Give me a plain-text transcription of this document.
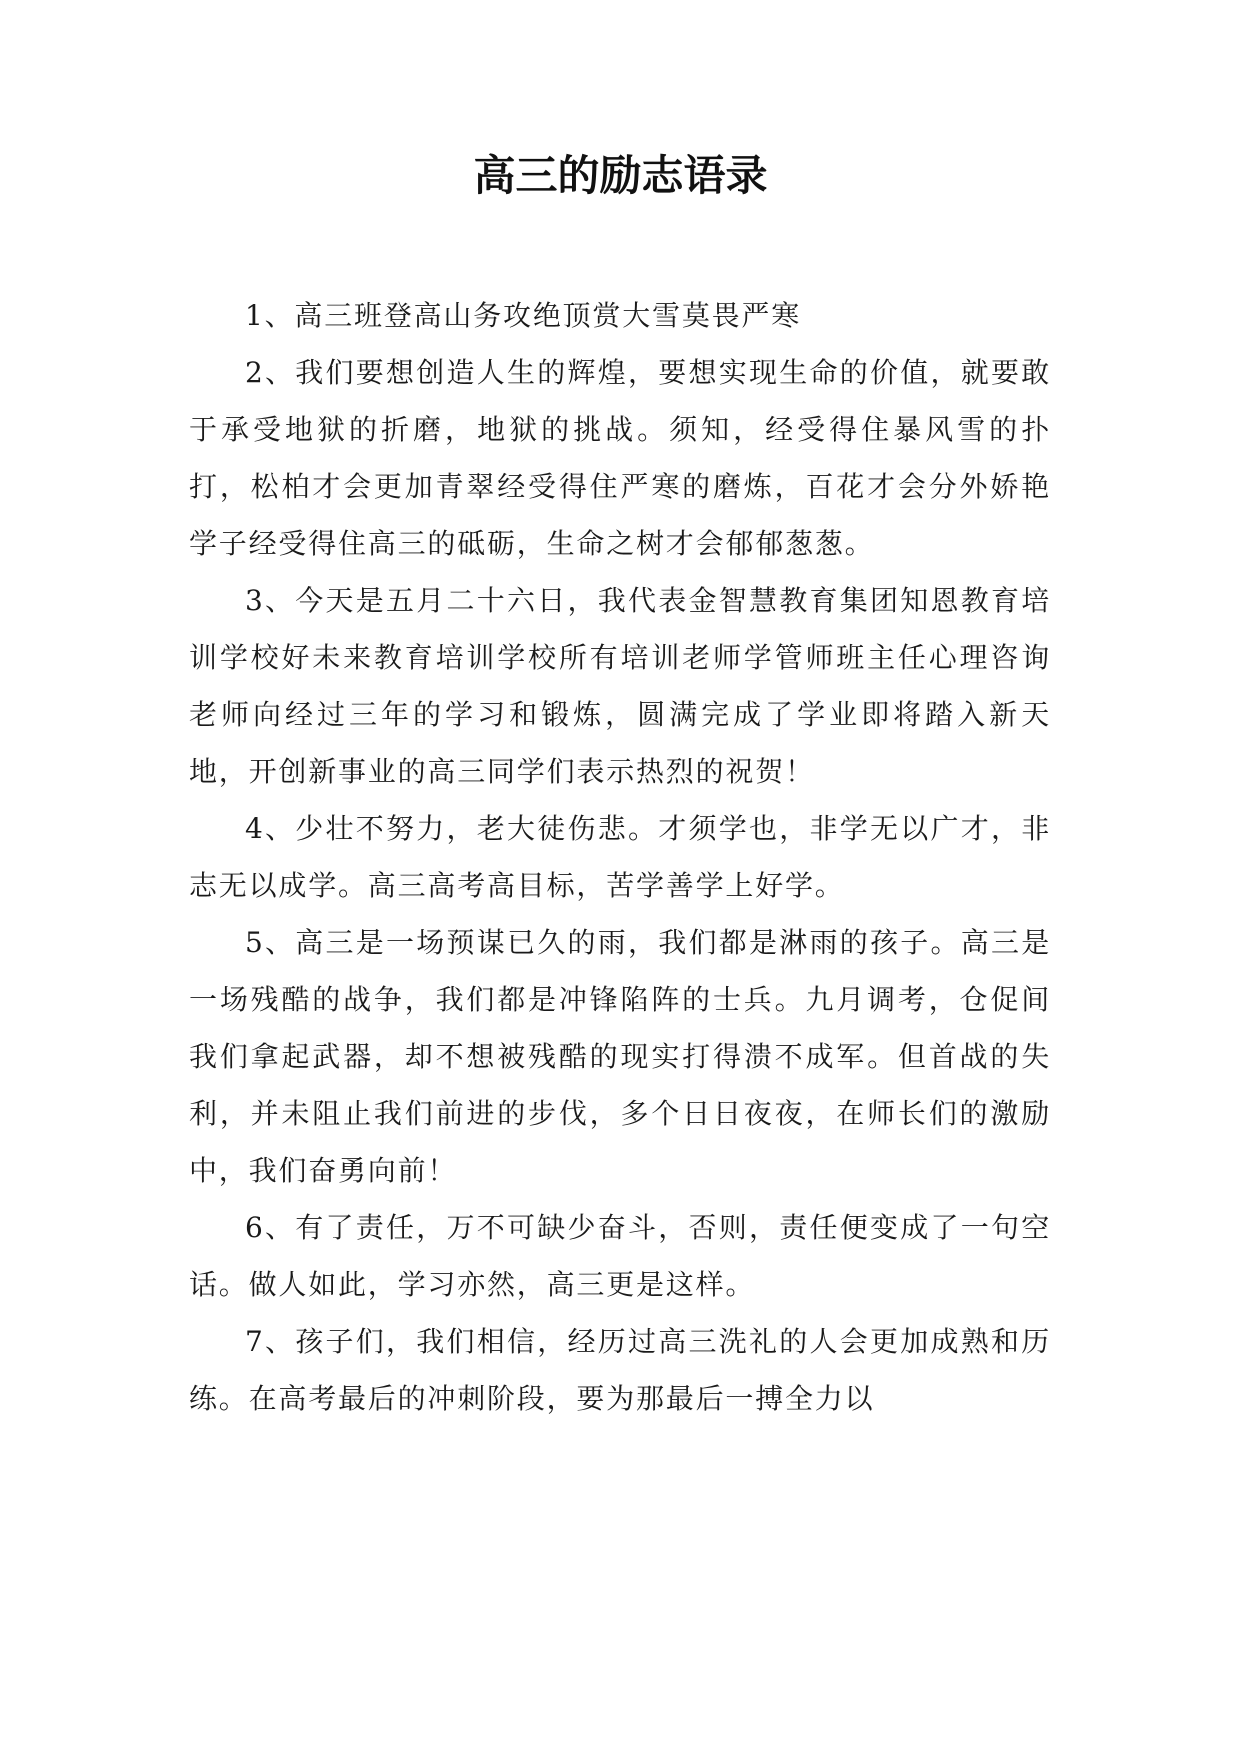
高三的励志语录

1、高三班登高山务攻绝顶赏大雪莫畏严寒

2、我们要想创造人生的辉煌，要想实现生命的价值，就要敢于承受地狱的折磨，地狱的挑战。须知，经受得住暴风雪的扑打，松柏才会更加青翠经受得住严寒的磨炼，百花才会分外娇艳学子经受得住高三的砥砺，生命之树才会郁郁葱葱。

3、今天是五月二十六日，我代表金智慧教育集团知恩教育培训学校好未来教育培训学校所有培训老师学管师班主任心理咨询老师向经过三年的学习和锻炼，圆满完成了学业即将踏入新天地，开创新事业的高三同学们表示热烈的祝贺！

4、少壮不努力，老大徒伤悲。才须学也，非学无以广才，非志无以成学。高三高考高目标，苦学善学上好学。

5、高三是一场预谋已久的雨，我们都是淋雨的孩子。高三是一场残酷的战争，我们都是冲锋陷阵的士兵。九月调考，仓促间我们拿起武器，却不想被残酷的现实打得溃不成军。但首战的失利，并未阻止我们前进的步伐，多个日日夜夜，在师长们的激励中，我们奋勇向前！

6、有了责任，万不可缺少奋斗，否则，责任便变成了一句空话。做人如此，学习亦然，高三更是这样。

7、孩子们，我们相信，经历过高三洗礼的人会更加成熟和历练。在高考最后的冲刺阶段，要为那最后一搏全力以
